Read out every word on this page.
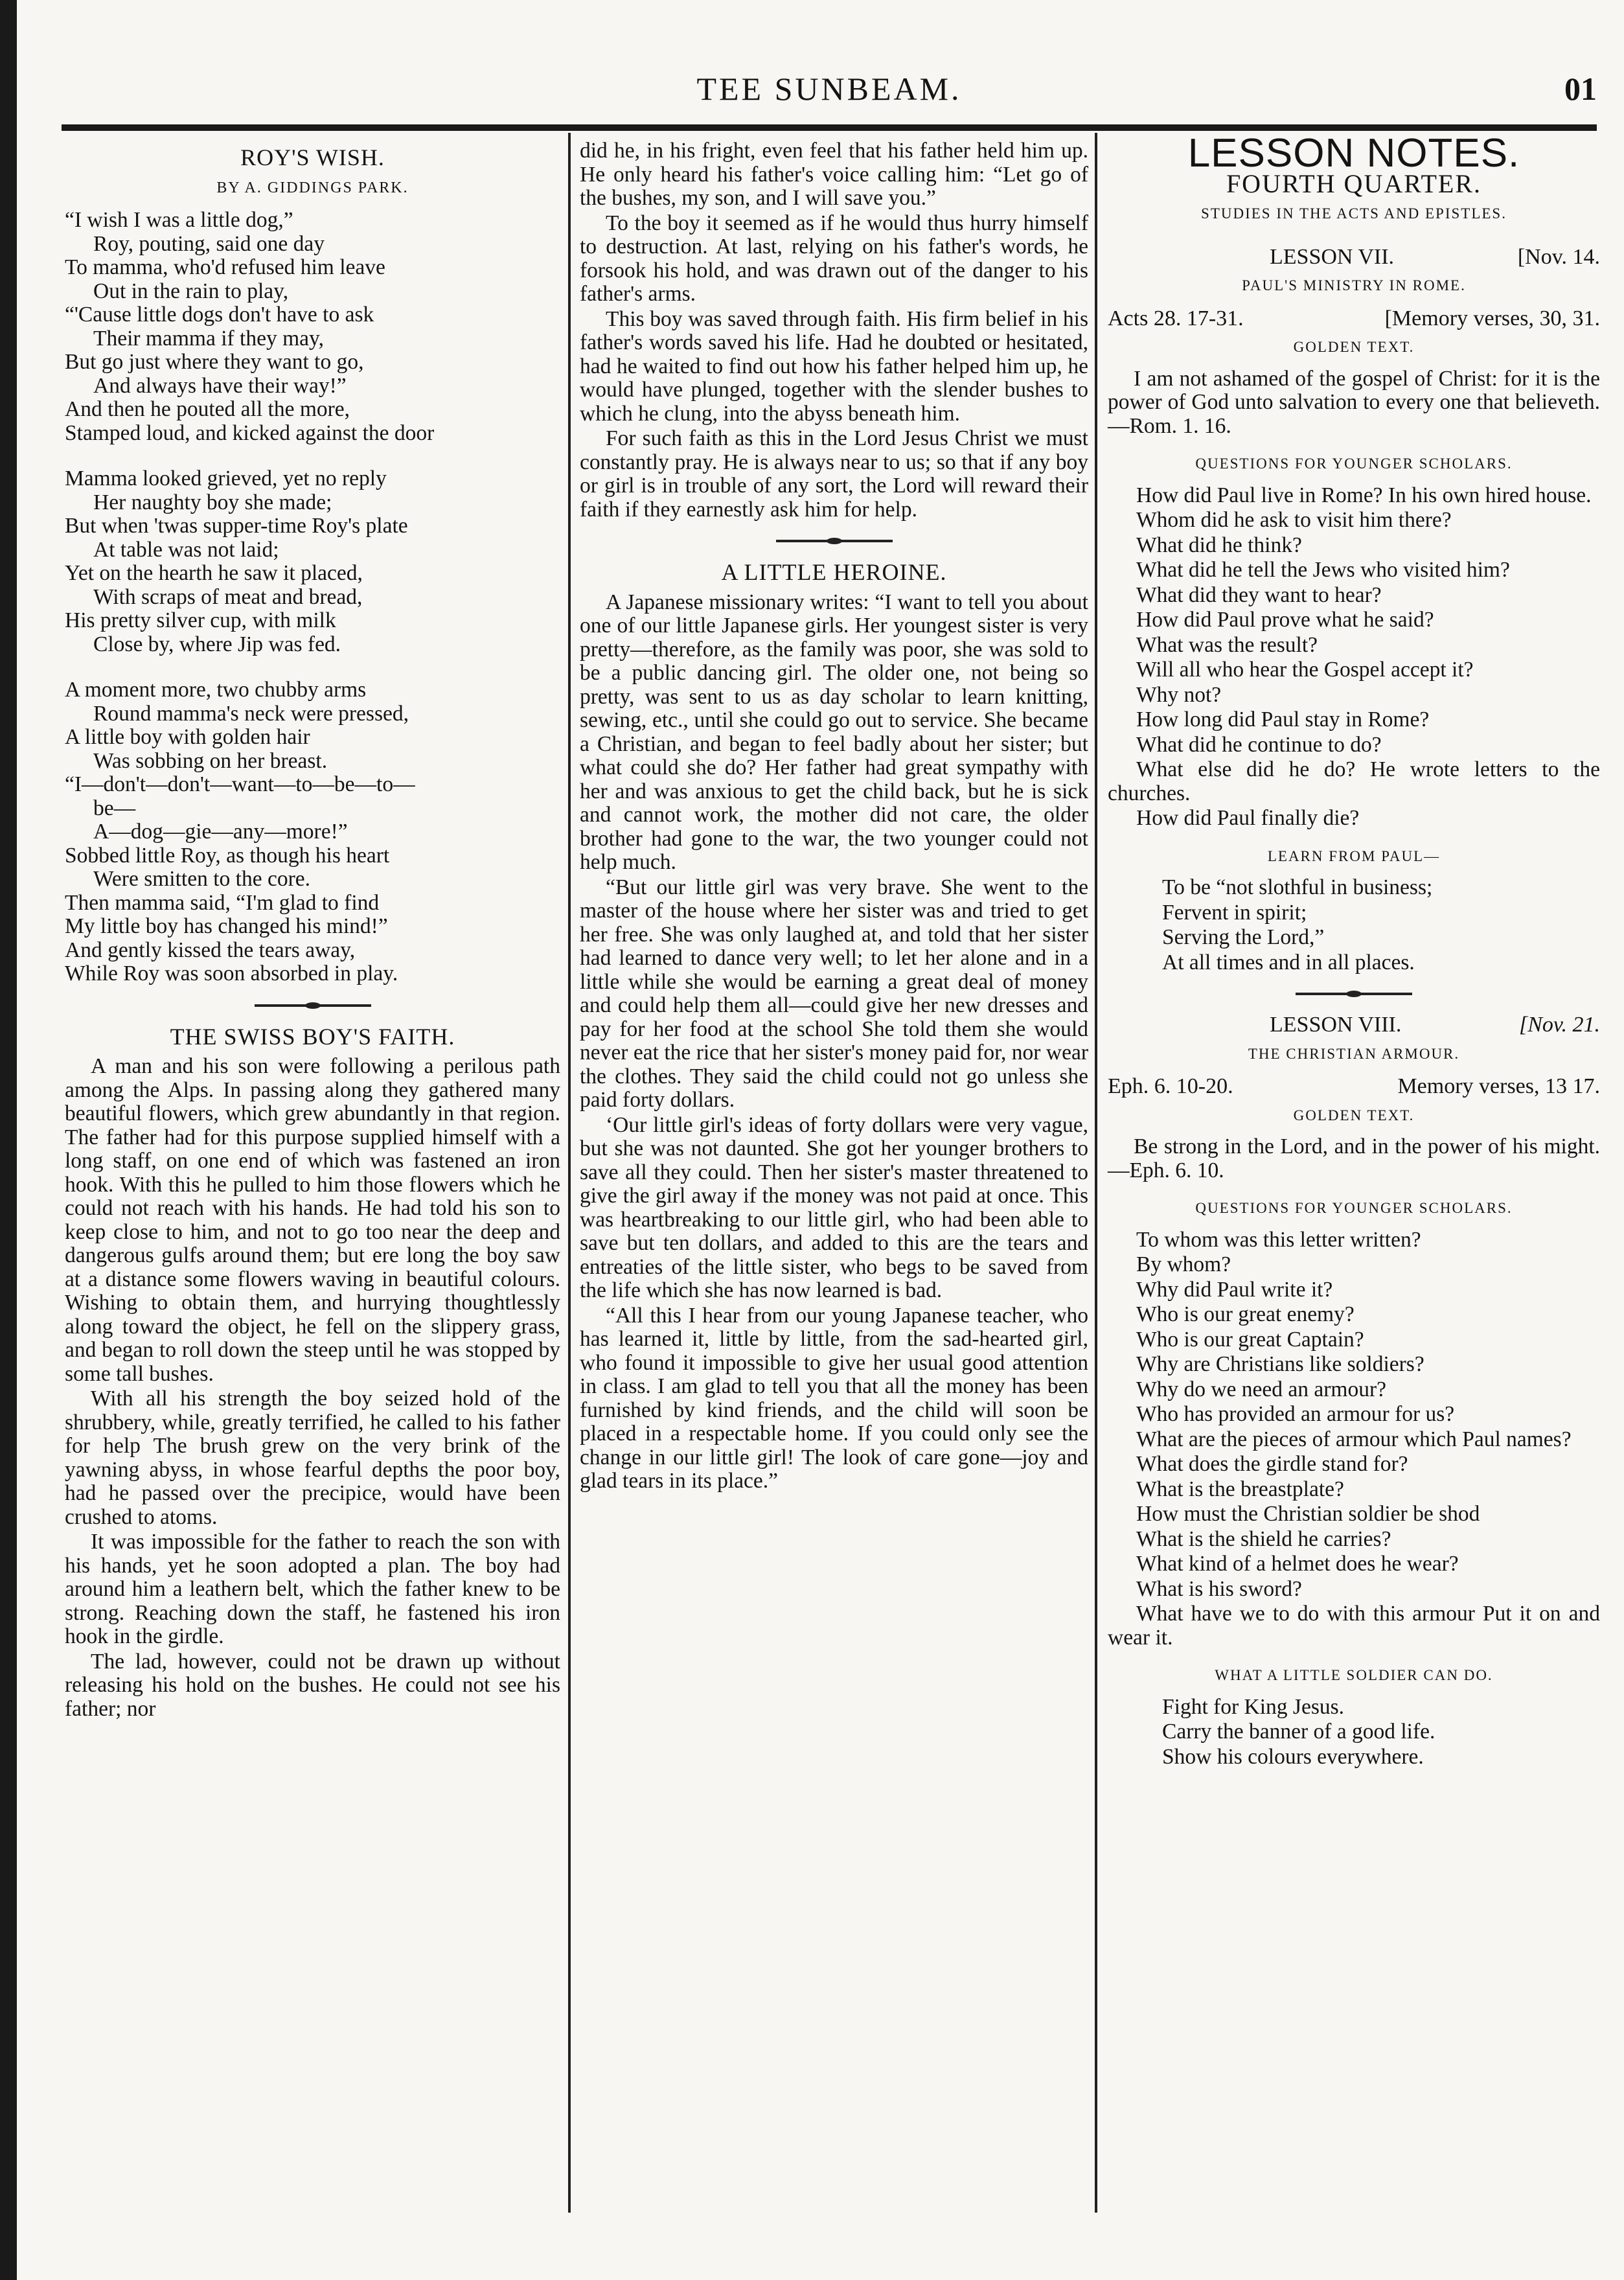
TEE SUNBEAM.	01
ROY'S WISH.
BY A. GIDDINGS PARK.
“I wish I was a little dog,”
Roy, pouting, said one day
To mamma, who'd refused him leave
Out in the rain to play,
“'Cause little dogs don't have to ask
Their mamma if they may,
But go just where they want to go,
And always have their way!”
And then he pouted all the more,
Stamped loud, and kicked against the door
Mamma looked grieved, yet no reply
Her naughty boy she made;
But when 'twas supper-time Roy's plate
At table was not laid;
Yet on the hearth he saw it placed,
With scraps of meat and bread,
His pretty silver cup, with milk
Close by, where Jip was fed.
A moment more, two chubby arms
Round mamma's neck were pressed,
A little boy with golden hair
Was sobbing on her breast.
“I—don't—don't—want—to—be—to—
be—
A—dog—gie—any—more!”
Sobbed little Roy, as though his heart
Were smitten to the core.
Then mamma said, “I'm glad to find
My little boy has changed his mind!”
And gently kissed the tears away,
While Roy was soon absorbed in play.
THE SWISS BOY'S FAITH.

A man and his son were following a perilous path among the Alps. In passing along they gathered many beautiful flowers, which grew abundantly in that region. The father had for this purpose supplied himself with a long staff, on one end of which was fastened an iron hook. With this he pulled to him those flowers which he could not reach with his hands. He had told his son to keep close to him, and not to go too near the deep and dangerous gulfs around them; but ere long the boy saw at a distance some flowers waving in beautiful colours. Wishing to obtain them, and hurrying thoughtlessly along toward the object, he fell on the slippery grass, and began to roll down the steep until he was stopped by some tall bushes.

With all his strength the boy seized hold of the shrubbery, while, greatly terrified, he called to his father for help The brush grew on the very brink of the yawning abyss, in whose fearful depths the poor boy, had he passed over the precipice, would have been crushed to atoms.

It was impossible for the father to reach the son with his hands, yet he soon adopted a plan. The boy had around him a leathern belt, which the father knew to be strong. Reaching down the staff, he fastened his iron hook in the girdle.

The lad, however, could not be drawn up without releasing his hold on the bushes. He could not see his father; nor

did he, in his fright, even feel that his father held him up. He only heard his father's voice calling him: “Let go of the bushes, my son, and I will save you.”

To the boy it seemed as if he would thus hurry himself to destruction. At last, relying on his father's words, he forsook his hold, and was drawn out of the danger to his father's arms.

This boy was saved through faith. His firm belief in his father's words saved his life. Had he doubted or hesitated, had he waited to find out how his father helped him up, he would have plunged, together with the slender bushes to which he clung, into the abyss beneath him.

For such faith as this in the Lord Jesus Christ we must constantly pray. He is always near to us; so that if any boy or girl is in trouble of any sort, the Lord will reward their faith if they earnestly ask him for help.

A LITTLE HEROINE.

A Japanese missionary writes: “I want to tell you about one of our little Japanese girls. Her youngest sister is very pretty—therefore, as the family was poor, she was sold to be a public dancing girl. The older one, not being so pretty, was sent to us as day scholar to learn knitting, sewing, etc., until she could go out to service. She became a Christian, and began to feel badly about her sister; but what could she do? Her father had great sympathy with her and was anxious to get the child back, but he is sick and cannot work, the mother did not care, the older brother had gone to the war, the two younger could not help much.

“But our little girl was very brave. She went to the master of the house where her sister was and tried to get her free. She was only laughed at, and told that her sister had learned to dance very well; to let her alone and in a little while she would be earning a great deal of money and could help them all—could give her new dresses and pay for her food at the school She told them she would never eat the rice that her sister's money paid for, nor wear the clothes. They said the child could not go unless she paid forty dollars.

‘Our little girl's ideas of forty dollars were very vague, but she was not daunted. She got her younger brothers to save all they could. Then her sister's master threatened to give the girl away if the money was not paid at once. This was heartbreaking to our little girl, who had been able to save but ten dollars, and added to this are the tears and entreaties of the little sister, who begs to be saved from the life which she has now learned is bad.

“All this I hear from our young Japanese teacher, who has learned it, little by little, from the sad-hearted girl, who found it impossible to give her usual good attention in class. I am glad to tell you that all the money has been furnished by kind friends, and the child will soon be placed in a respectable home. If you could only see the change in our little girl! The look of care gone—joy and glad tears in its place.”

LESSON NOTES.
FOURTH QUARTER.
STUDIES IN THE ACTS AND EPISTLES.
LESSON VII.	[Nov. 14.
PAUL'S MINISTRY IN ROME.
Acts 28. 17-31.	[Memory verses, 30, 31.
GOLDEN TEXT.

I am not ashamed of the gospel of Christ: for it is the power of God unto salvation to every one that believeth.—Rom. 1. 16.

QUESTIONS FOR YOUNGER SCHOLARS.

How did Paul live in Rome? In his own hired house.

Whom did he ask to visit him there?

What did he think?

What did he tell the Jews who visited him?

What did they want to hear?

How did Paul prove what he said?

What was the result?

Will all who hear the Gospel accept it?

Why not?

How long did Paul stay in Rome?

What did he continue to do?

What else did he do? He wrote letters to the churches.

How did Paul finally die?

LEARN FROM PAUL—

To be “not slothful in business;

Fervent in spirit;

Serving the Lord,”

At all times and in all places.

LESSON VIII.	[Nov. 21.
THE CHRISTIAN ARMOUR.
Eph. 6. 10-20.	Memory verses, 13 17.
GOLDEN TEXT.

Be strong in the Lord, and in the power of his might.—Eph. 6. 10.

QUESTIONS FOR YOUNGER SCHOLARS.

To whom was this letter written?

By whom?

Why did Paul write it?

Who is our great enemy?

Who is our great Captain?

Why are Christians like soldiers?

Why do we need an armour?

Who has provided an armour for us?

What are the pieces of armour which Paul names?

What does the girdle stand for?

What is the breastplate?

How must the Christian soldier be shod

What is the shield he carries?

What kind of a helmet does he wear?

What is his sword?

What have we to do with this armour Put it on and wear it.

WHAT A LITTLE SOLDIER CAN DO.

Fight for King Jesus.

Carry the banner of a good life.

Show his colours everywhere.
